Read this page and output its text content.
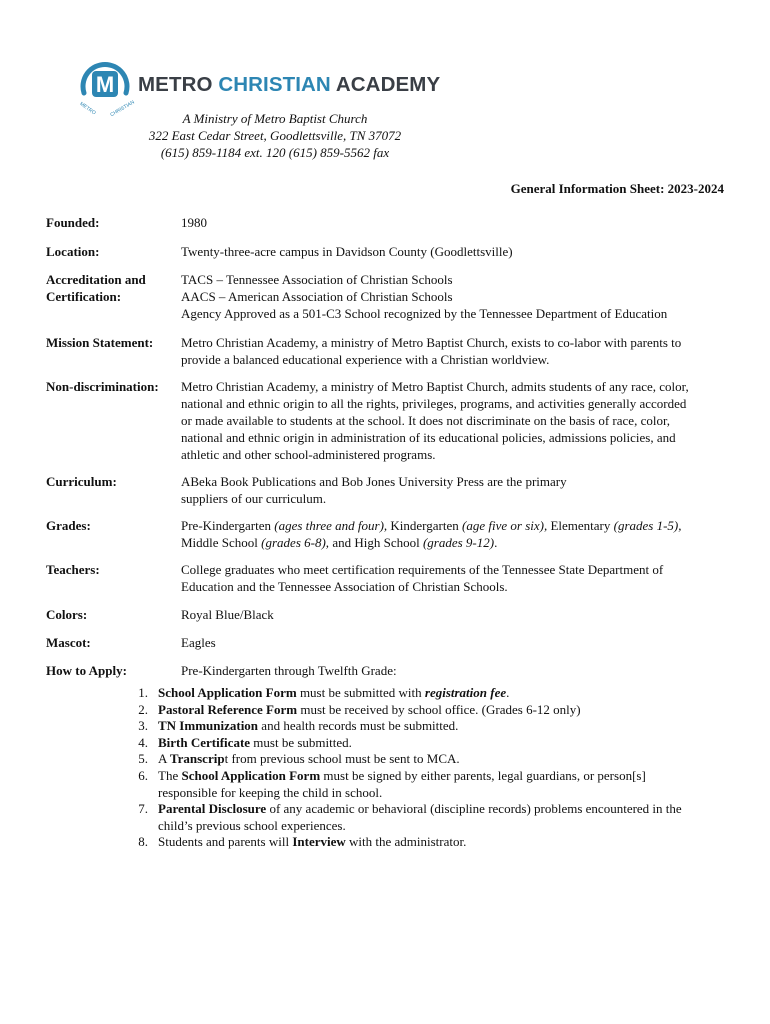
M
METRO	CHRISTIAN
METRO CHRISTIAN ACADEMY
A Ministry of Metro Baptist Church
322 East Cedar Street, Goodlettsville, TN 37072
(615) 859-1184 ext. 120 (615) 859-5562 fax
General Information Sheet: 2023-2024
Founded:	1980
Location:	Twenty-three-acre campus in Davidson County (Goodlettsville)
Accreditation and
Certification:
TACS – Tennessee Association of Christian Schools
AACS – American Association of Christian Schools
Agency Approved as a 501-C3 School recognized by the Tennessee Department of Education
Mission Statement:	Metro Christian Academy, a ministry of Metro Baptist Church, exists to co-labor with parents to
provide a balanced educational experience with a Christian worldview.
Non-discrimination:	Metro Christian Academy, a ministry of Metro Baptist Church, admits students of any race, color,
national and ethnic origin to all the rights, privileges, programs, and activities generally accorded
or made available to students at the school. It does not discriminate on the basis of race, color,
national and ethnic origin in administration of its educational policies, admissions policies, and
athletic and other school-administered programs.
Curriculum:	ABeka Book Publications and Bob Jones University Press are the primary
suppliers of our curriculum.
Grades:	Pre-Kindergarten (ages three and four), Kindergarten (age five or six), Elementary (grades 1-5),
Middle School (grades 6-8), and High School (grades 9-12).
Teachers:	College graduates who meet certification requirements of the Tennessee State Department of
Education and the Tennessee Association of Christian Schools.
Colors:	Royal Blue/Black
Mascot:	Eagles
How to Apply:	Pre-Kindergarten through Twelfth Grade:
1. School Application Form must be submitted with registration fee.
2. Pastoral Reference Form must be received by school office. (Grades 6-12 only)
3. TN Immunization and health records must be submitted.
4. Birth Certificate must be submitted.
5. A Transcript from previous school must be sent to MCA.
6. The School Application Form must be signed by either parents, legal guardians, or person[s]
responsible for keeping the child in school.
7. Parental Disclosure of any academic or behavioral (discipline records) problems encountered in the
child’s previous school experiences.
8. Students and parents will Interview with the administrator.
